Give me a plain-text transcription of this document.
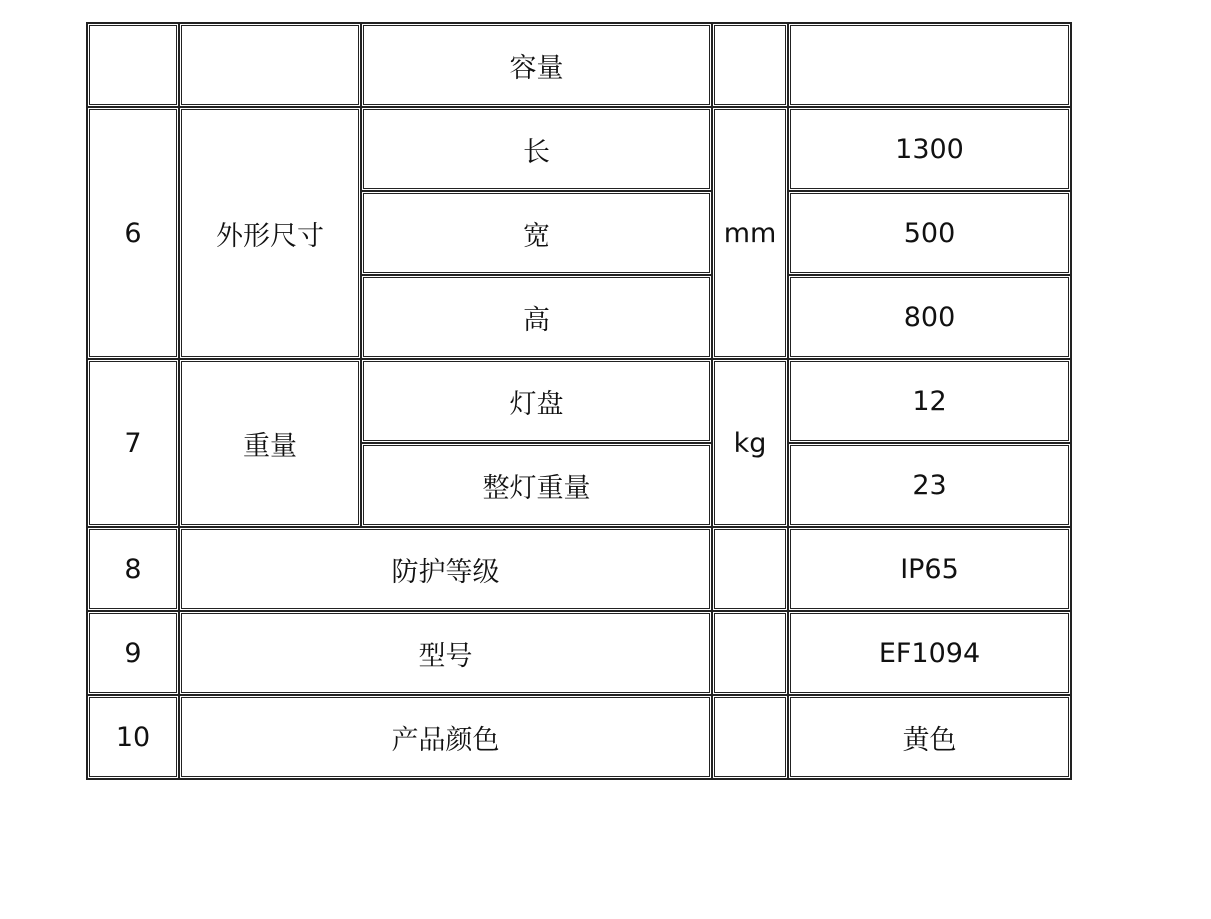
		容量		
6	外形尺寸	长	mm	1300
		宽		500
		高		800
7	重量	灯盘	kg	12
		整灯重量		23
8	防护等级			IP65
9	型号			EF1094
10	产品颜色			黄色
